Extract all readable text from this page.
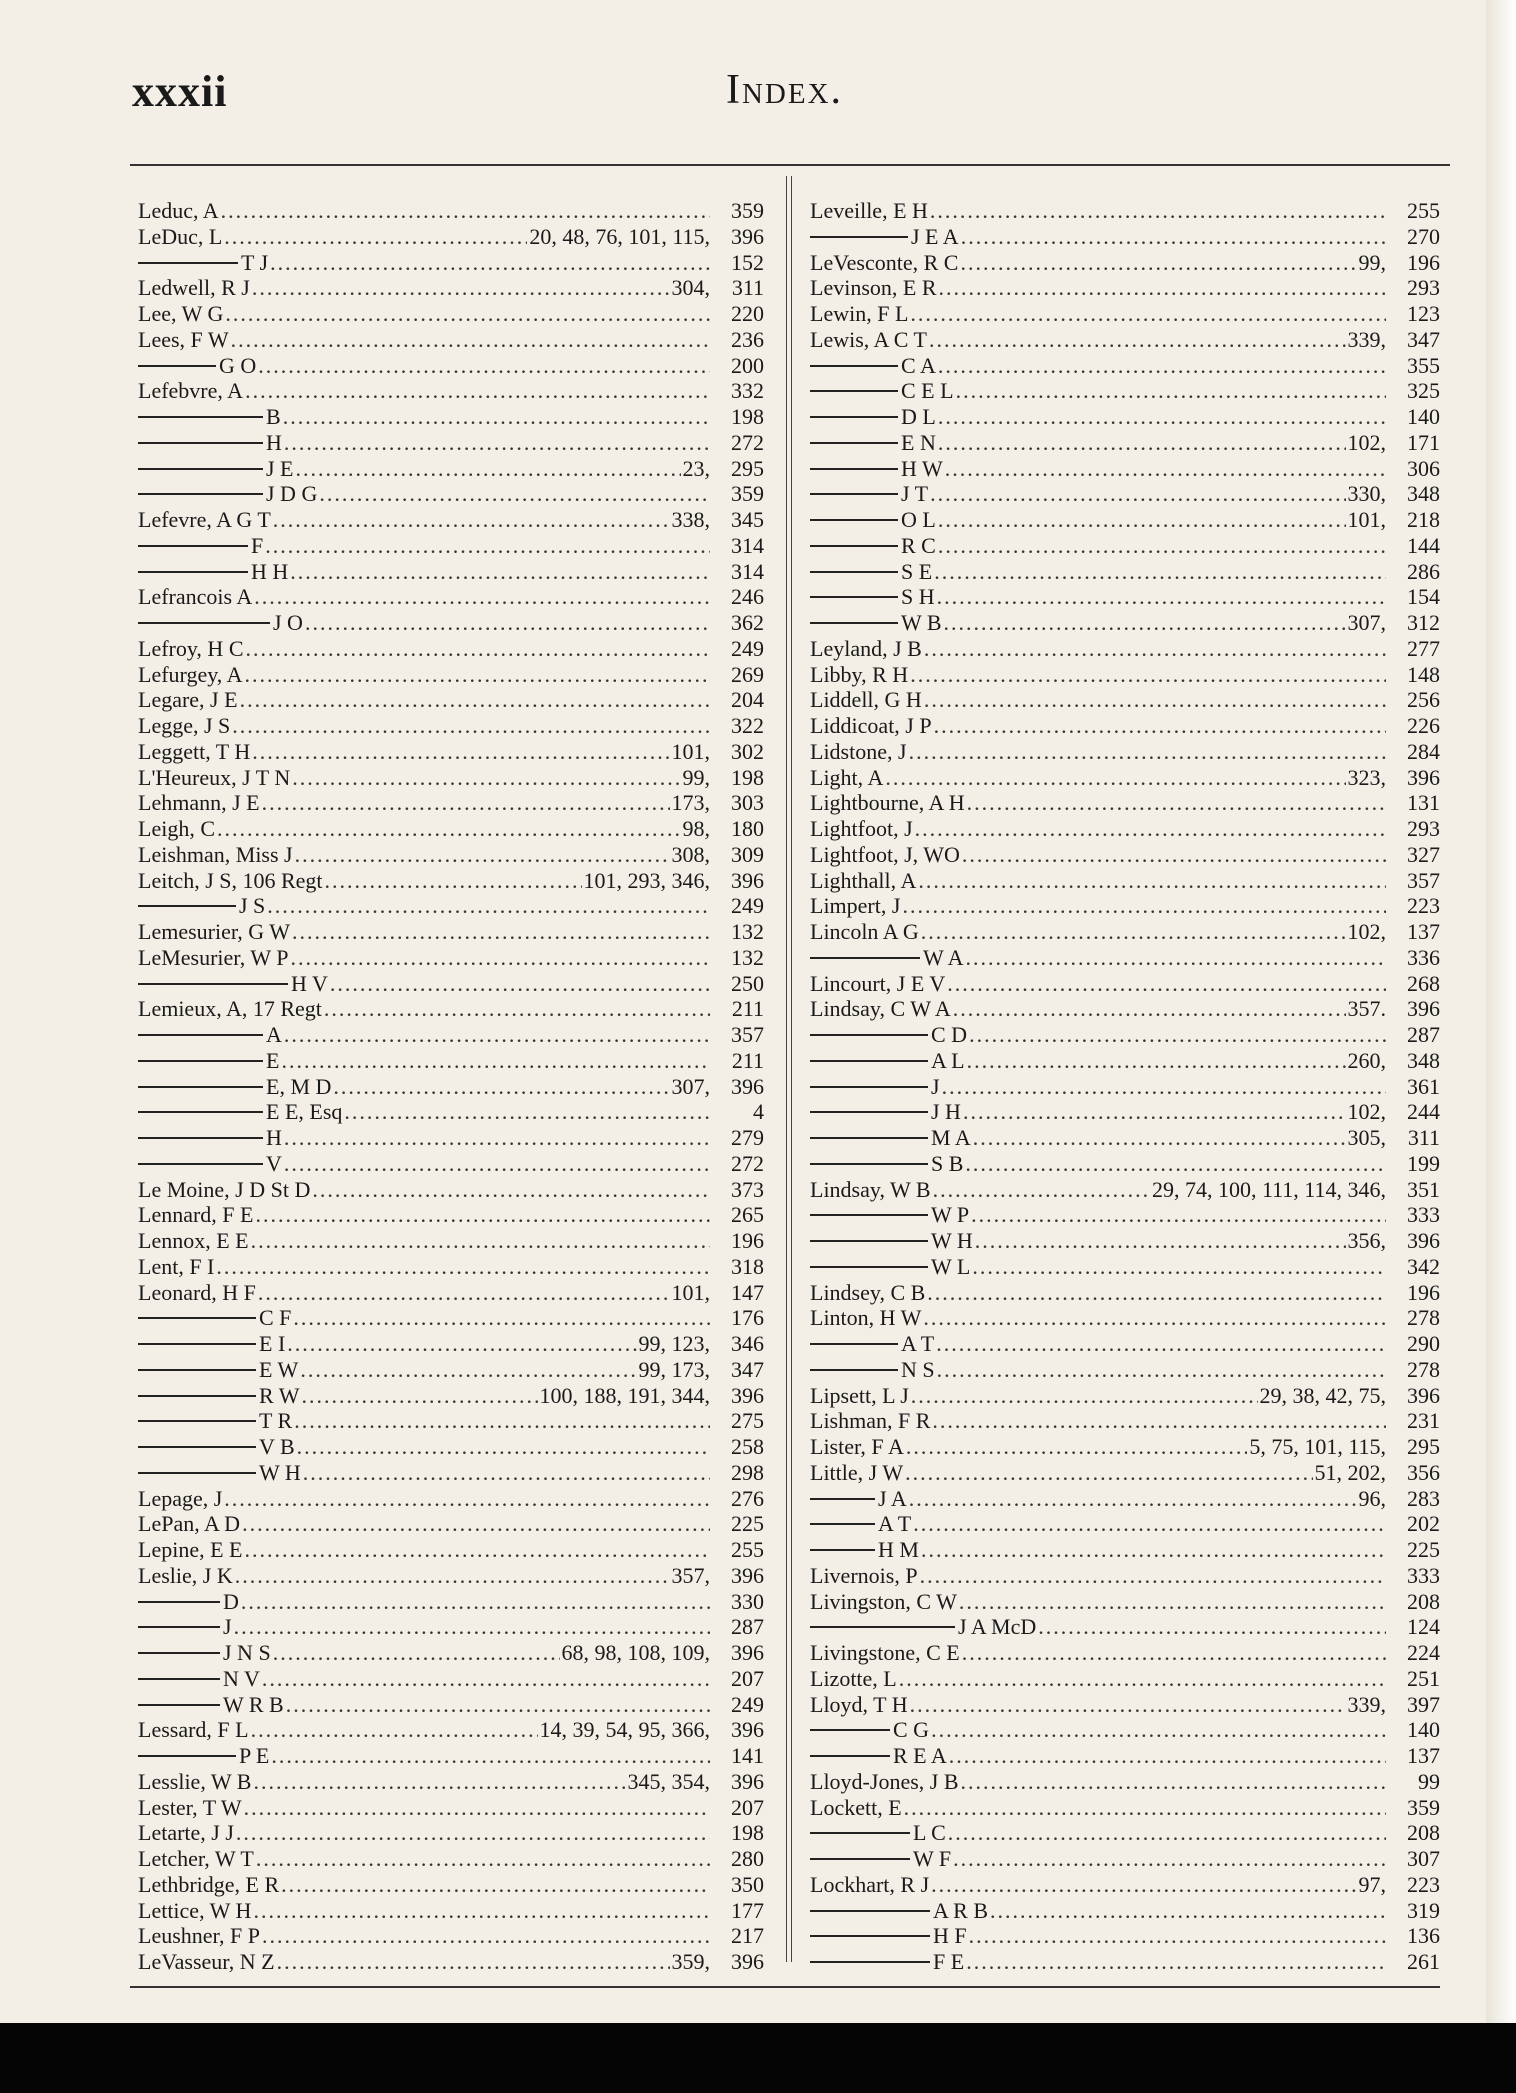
xxxii	Index.
Leduc, A .....	359
LeDuc, L .....	20, 48, 76, 101, 115, 396
T J .....	152
Ledwell, R J .....	304, 311
Lee, W G .....	220
Lees, F W .....	236
G O .....	200
Lefebvre, A .....	332
B .....	198
H .....	272
J E .....	23, 295
J D G .....	359
Lefevre, A G T .....	338, 345
F .....	314
H H .....	314
Lefrancois A .....	246
J O .....	362
Lefroy, H C .....	249
Lefurgey, A .....	269
Legare, J E .....	204
Legge, J S .....	322
Leggett, T H .....	101, 302
L'Heureux, J T N .....	99, 198
Lehmann, J E .....	173, 303
Leigh, C .....	98, 180
Leishman, Miss J .....	308, 309
Leitch, J S, 106 Regt .....	101, 293, 346, 396
J S .....	249
Lemesurier, G W .....	132
LeMesurier, W P .....	132
H V .....	250
Lemieux, A, 17 Regt .....	211
A .....	357
E .....	211
E, M D .....	307, 396
E E, Esq .....	4
H .....	279
V .....	272
Le Moine, J D St D .....	373
Lennard, F E .....	265
Lennox, E E .....	196
Lent, F I .....	318
Leonard, H F .....	101, 147
C F .....	176
E I .....	99, 123, 346
E W .....	99, 173, 347
R W .....	100, 188, 191, 344, 396
T R .....	275
V B .....	258
W H .....	298
Lepage, J .....	276
LePan, A D .....	225
Lepine, E E .....	255
Leslie, J K .....	357, 396
D .....	330
J .....	287
J N S .....	68, 98, 108, 109, 396
N V .....	207
W R B .....	249
Lessard, F L .....	14, 39, 54, 95, 366, 396
P E .....	141
Lesslie, W B .....	345, 354, 396
Lester, T W .....	207
Letarte, J J .....	198
Letcher, W T .....	280
Lethbridge, E R .....	350
Lettice, W H .....	177
Leushner, F P .....	217
LeVasseur, N Z .....	359, 396
Leveille, E H .....	255
J E A .....	270
LeVesconte, R C .....	99, 196
Levinson, E R .....	293
Lewin, F L .....	123
Lewis, A C T .....	339, 347
C A .....	355
C E L .....	325
D L .....	140
E N .....	102, 171
H W .....	306
J T .....	330, 348
O L .....	101, 218
R C .....	144
S E .....	286
S H .....	154
W B .....	307, 312
Leyland, J B .....	277
Libby, R H .....	148
Liddell, G H .....	256
Liddicoat, J P .....	226
Lidstone, J .....	284
Light, A .....	323, 396
Lightbourne, A H .....	131
Lightfoot, J .....	293
Lightfoot, J, WO .....	327
Lighthall, A .....	357
Limpert, J .....	223
Lincoln A G .....	102, 137
W A .....	336
Lincourt, J E V .....	268
Lindsay, C W A .....	357. 396
C D .....	287
A L .....	260, 348
J .....	361
J H .....	102, 244
M A .....	305, 311
S B .....	199
Lindsay, W B .....	29, 74, 100, 111, 114, 346, 351
W P .....	333
W H .....	356, 396
W L .....	342
Lindsey, C B .....	196
Linton, H W .....	278
A T .....	290
N S .....	278
Lipsett, L J .....	29, 38, 42, 75, 396
Lishman, F R .....	231
Lister, F A .....	5, 75, 101, 115, 295
Little, J W .....	51, 202, 356
J A .....	96, 283
A T .....	202
H M .....	225
Livernois, P .....	333
Livingston, C W .....	208
J A McD .....	124
Livingstone, C E .....	224
Lizotte, L .....	251
Lloyd, T H .....	339, 397
C G .....	140
R E A .....	137
Lloyd-Jones, J B .....	99
Lockett, E .....	359
L C .....	208
W F .....	307
Lockhart, R J .....	97, 223
A R B .....	319
H F .....	136
F E .....	261
